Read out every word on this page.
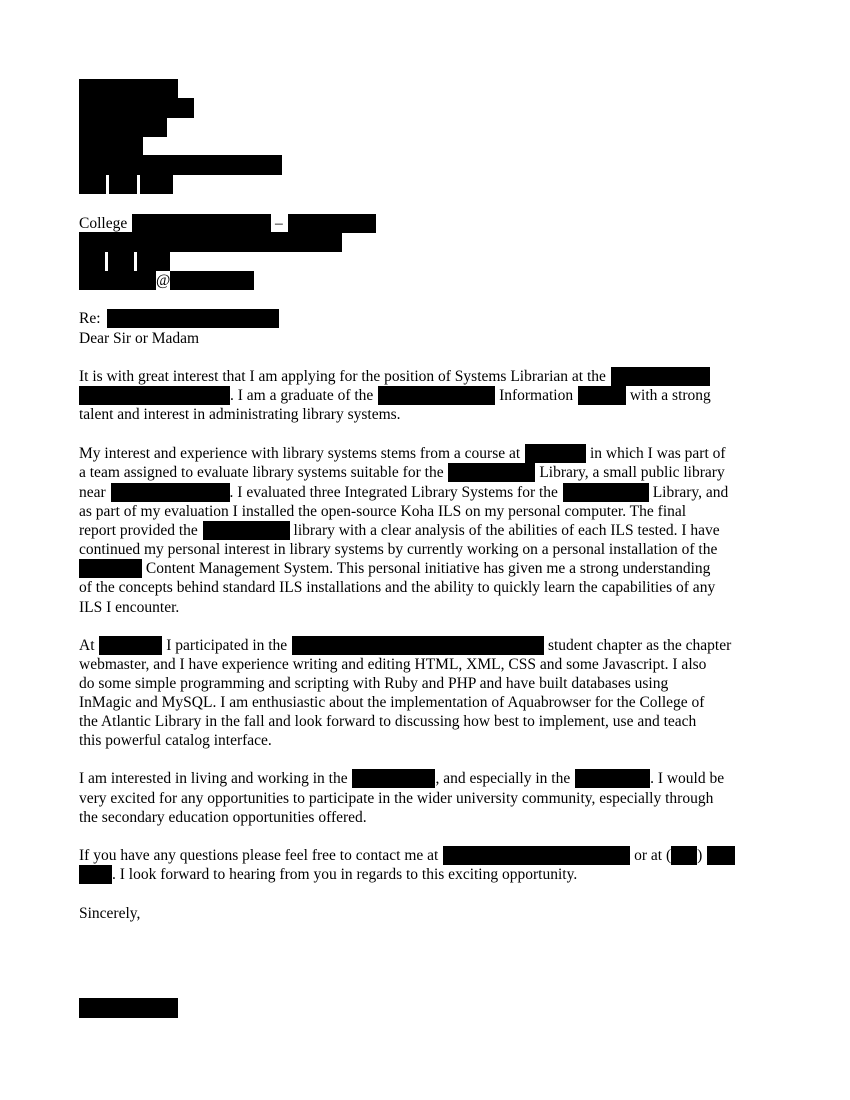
College	–
@
Re:
Dear Sir or Madam
It is with great interest that I am applying for the position of Systems Librarian at the
. I am a graduate of the	Information	with a strong
talent and interest in administrating library systems.
My interest and experience with library systems stems from a course at	in which I was part of
a team assigned to evaluate library systems suitable for the	Library, a small public library
near	. I evaluated three Integrated Library Systems for the	Library, and
as part of my evaluation I installed the open-source Koha ILS on my personal computer. The final
report provided the	library with a clear analysis of the abilities of each ILS tested. I have
continued my personal interest in library systems by currently working on a personal installation of the
Content Management System. This personal initiative has given me a strong understanding
of the concepts behind standard ILS installations and the ability to quickly learn the capabilities of any
ILS I encounter.
At	I participated in the	student chapter as the chapter
webmaster, and I have experience writing and editing HTML, XML, CSS and some Javascript. I also
do some simple programming and scripting with Ruby and PHP and have built databases using
InMagic and MySQL. I am enthusiastic about the implementation of Aquabrowser for the College of
the Atlantic Library in the fall and look forward to discussing how best to implement, use and teach
this powerful catalog interface.
I am interested in living and working in the	, and especially in the	. I would be
very excited for any opportunities to participate in the wider university community, especially through
the secondary education opportunities offered.
If you have any questions please feel free to contact me at	or at ( )
. I look forward to hearing from you in regards to this exciting opportunity.
Sincerely,
